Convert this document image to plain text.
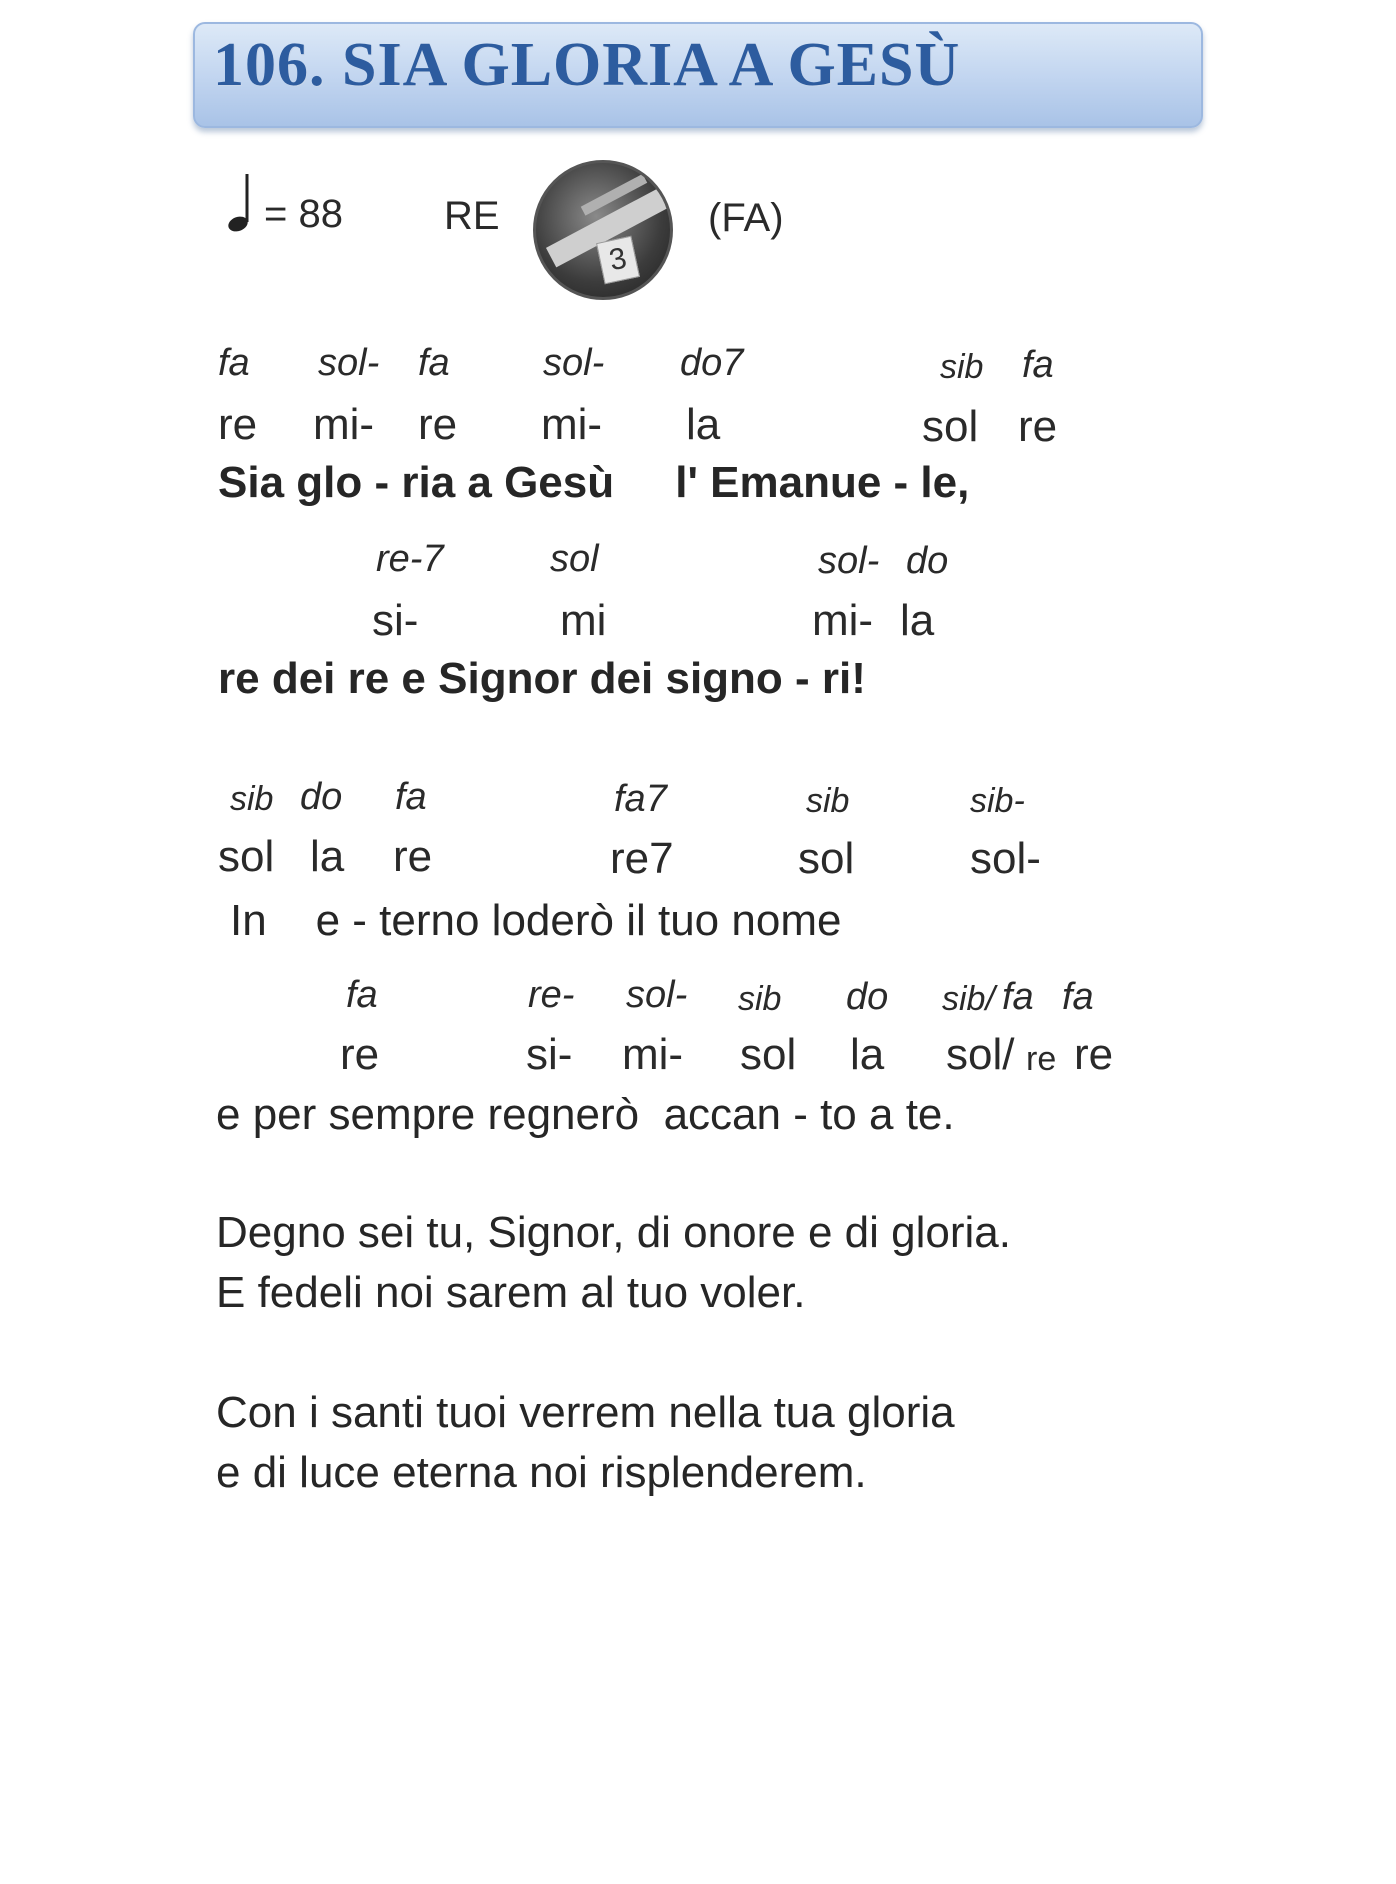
106. SIA GLORIA A GESÙ
= 88	RE
3
(FA)
fa sol- fa sol- do7	sib fa
re mi- re mi- la	sol re
Sia glo - ria a Gesù     l' Emanue - le,
re-7	sol	sol- do
si-	mi	mi- la
re dei re e Signor dei signo - ri!
sib do fa	fa7	sib	sib-
sol la re	re7	sol	sol-
In    e - terno loderò il tuo nome
fa	re- sol- sib do sib/ fa fa
re	si- mi- sol la sol/ re re
e per sempre regnerò  accan - to a te.
Degno sei tu, Signor, di onore e di gloria.
E fedeli noi sarem al tuo voler.
Con i santi tuoi verrem nella tua gloria
e di luce eterna noi risplenderem.
